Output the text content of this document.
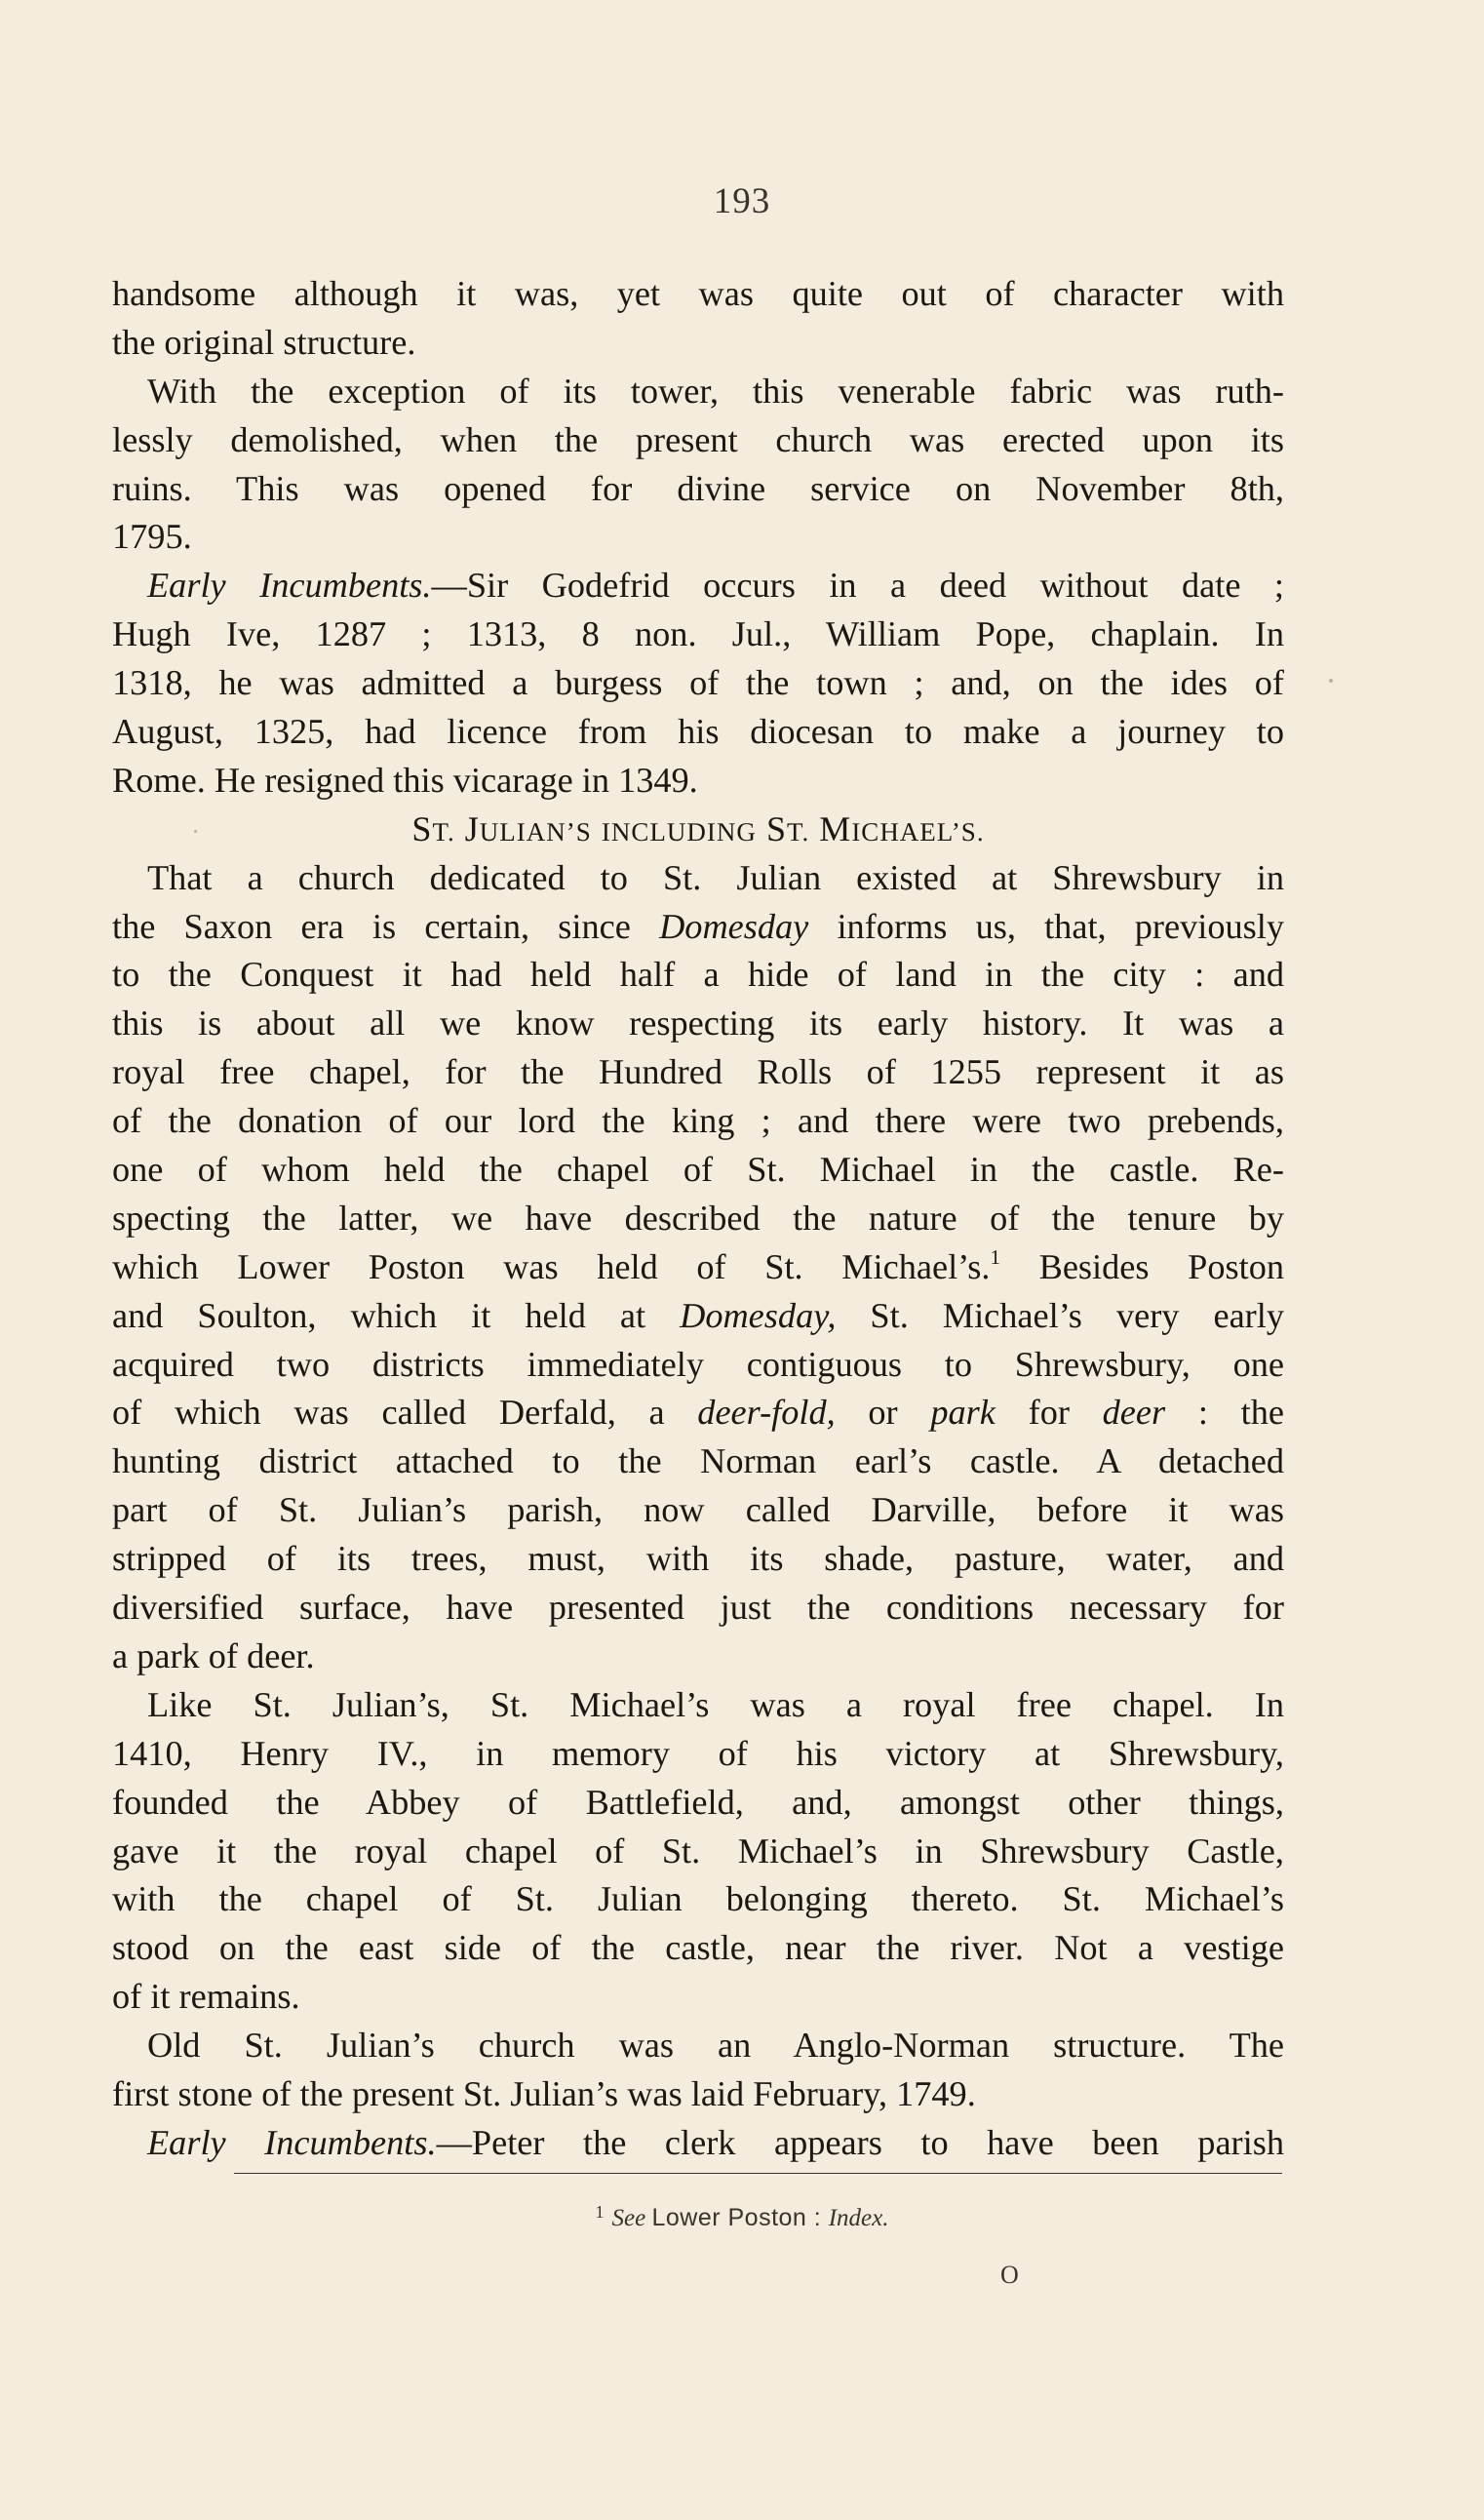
193
handsome although it was, yet was quite out of character with
the original structure.
With the exception of its tower, this venerable fabric was ruth-
lessly demolished, when the present church was erected upon its
ruins. This was opened for divine service on November 8th,
1795.
Early Incumbents.—Sir Godefrid occurs in a deed without date ;
Hugh Ive, 1287 ; 1313, 8 non. Jul., William Pope, chaplain. In
1318, he was admitted a burgess of the town ; and, on the ides of
August, 1325, had licence from his diocesan to make a journey to
Rome. He resigned this vicarage in 1349.
ST. JULIAN’S INCLUDING ST. MICHAEL’S.
That a church dedicated to St. Julian existed at Shrewsbury in
the Saxon era is certain, since Domesday informs us, that, previously
to the Conquest it had held half a hide of land in the city : and
this is about all we know respecting its early history. It was a
royal free chapel, for the Hundred Rolls of 1255 represent it as
of the donation of our lord the king ; and there were two prebends,
one of whom held the chapel of St. Michael in the castle. Re-
specting the latter, we have described the nature of the tenure by
which Lower Poston was held of St. Michael’s.$^1$ Besides Poston
and Soulton, which it held at Domesday, St. Michael’s very early
acquired two districts immediately contiguous to Shrewsbury, one
of which was called Derfald, a deer-fold, or park for deer : the
hunting district attached to the Norman earl’s castle. A detached
part of St. Julian’s parish, now called Darville, before it was
stripped of its trees, must, with its shade, pasture, water, and
diversified surface, have presented just the conditions necessary for
a park of deer.
Like St. Julian’s, St. Michael’s was a royal free chapel. In
1410, Henry IV., in memory of his victory at Shrewsbury,
founded the Abbey of Battlefield, and, amongst other things,
gave it the royal chapel of St. Michael’s in Shrewsbury Castle,
with the chapel of St. Julian belonging thereto. St. Michael’s
stood on the east side of the castle, near the river. Not a vestige
of it remains.
Old St. Julian’s church was an Anglo-Norman structure. The
first stone of the present St. Julian’s was laid February, 1749.
Early Incumbents.—Peter the clerk appears to have been parish
$^1$ See Lower Poston : Index.
O
